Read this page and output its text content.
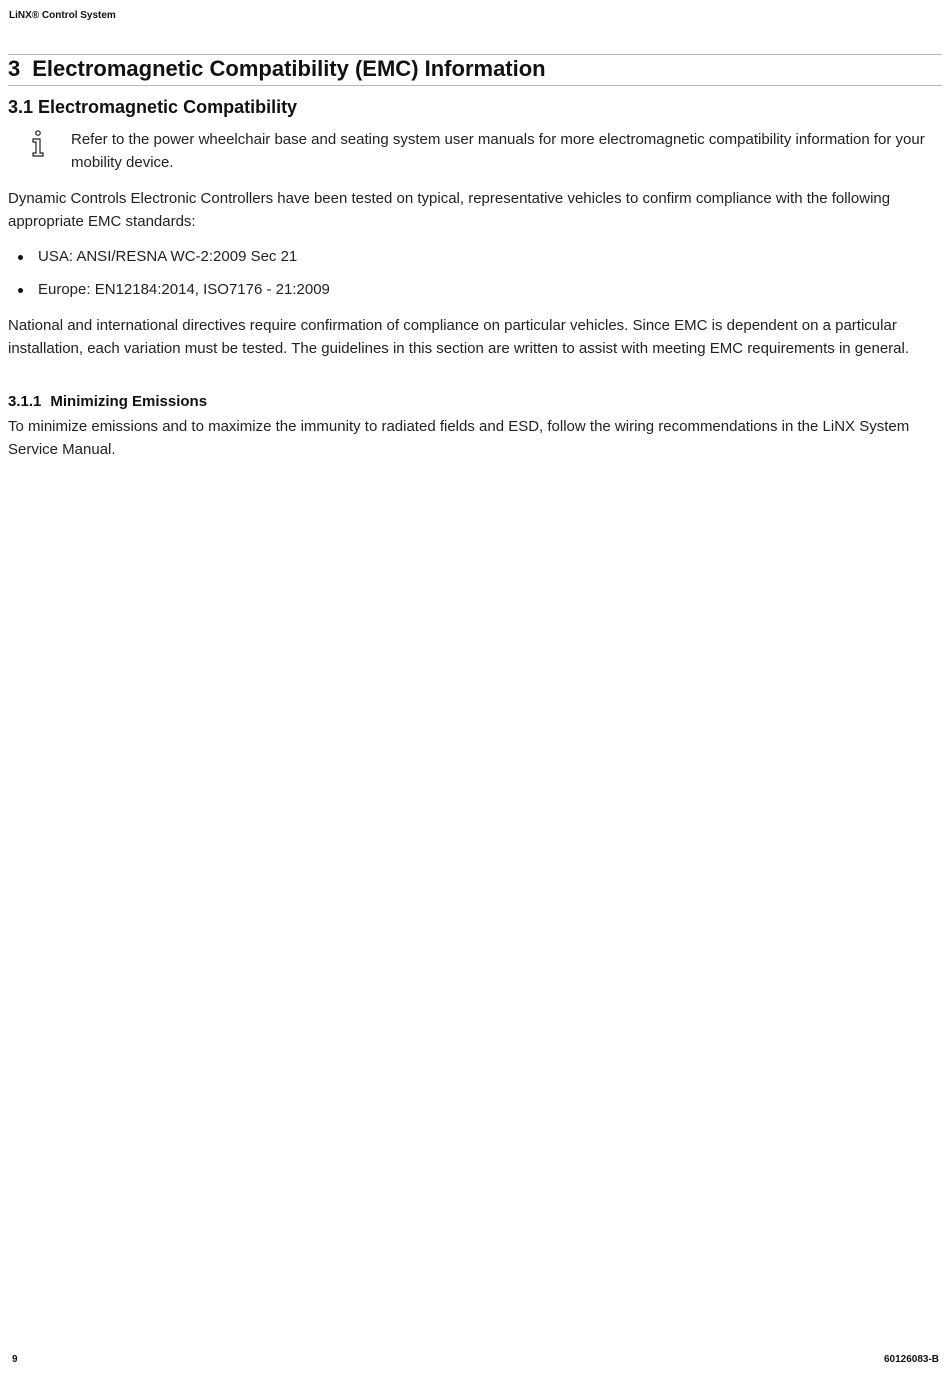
LiNX® Control System
3 Electromagnetic Compatibility (EMC) Information
3.1 Electromagnetic Compatibility
Refer to the power wheelchair base and seating system user manuals for more electromagnetic compatibility information for your mobility device.
Dynamic Controls Electronic Controllers have been tested on typical, representative vehicles to confirm compliance with the following appropriate EMC standards:
USA: ANSI/RESNA WC-2:2009 Sec 21
Europe: EN12184:2014, ISO7176 - 21:2009
National and international directives require confirmation of compliance on particular vehicles. Since EMC is dependent on a particular installation, each variation must be tested. The guidelines in this section are written to assist with meeting EMC requirements in general.
3.1.1 Minimizing Emissions
To minimize emissions and to maximize the immunity to radiated fields and ESD, follow the wiring recommendations in the LiNX System Service Manual.
9	60126083-B
